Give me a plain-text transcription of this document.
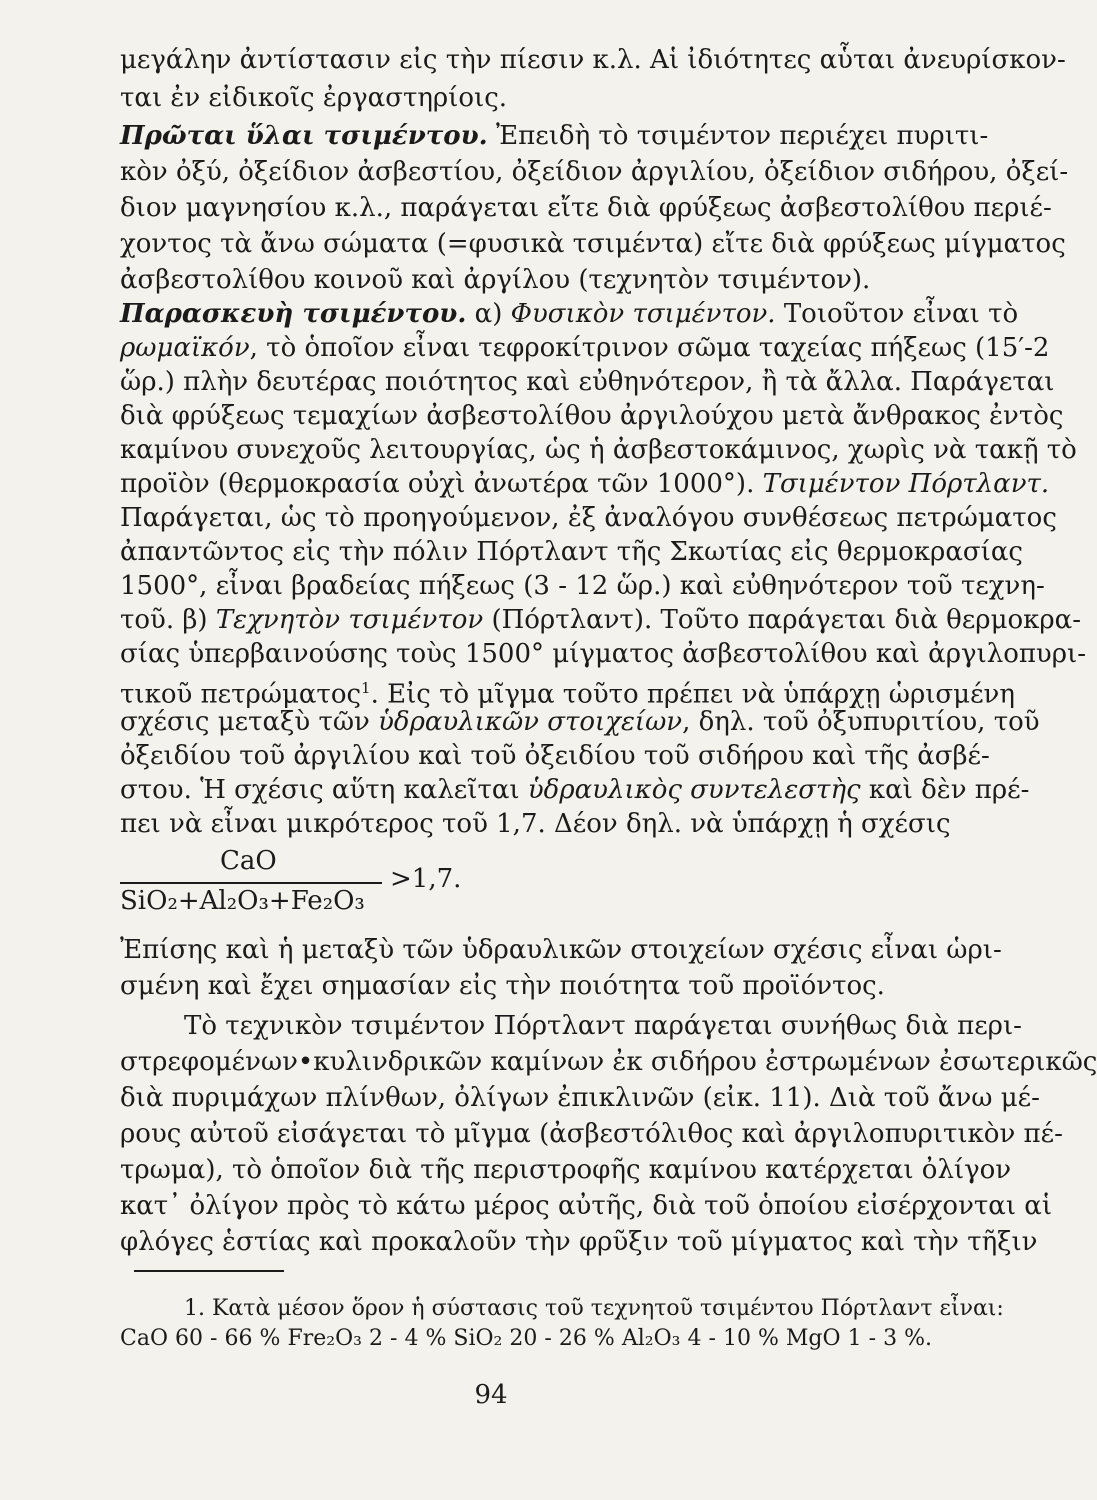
μεγάλην ἀντίστασιν εἰς τὴν πίεσιν κ.λ. Αἱ ἰδιότητες αὗται ἀνευρίσκον-
ται ἐν εἰδικοῖς ἐργαστηρίοις.
Πρῶται ὕλαι τσιμέντου. Ἐπειδὴ τὸ τσιμέντον περιέχει πυριτι-
κὸν ὀξύ, ὀξείδιον ἀσβεστίου, ὀξείδιον ἀργιλίου, ὀξείδιον σιδήρου, ὀξεί-
διον μαγνησίου κ.λ., παράγεται εἴτε διὰ φρύξεως ἀσβεστολίθου περιέ-
χοντος τὰ ἄνω σώματα (=φυσικὰ τσιμέντα) εἴτε διὰ φρύξεως μίγματος
ἀσβεστολίθου κοινοῦ καὶ ἀργίλου (τεχνητὸν τσιμέντον).
Παρασκευὴ τσιμέντου. α) Φυσικὸν τσιμέντον. Τοιοῦτον εἶναι τὸ
ρωμαϊκόν, τὸ ὁποῖον εἶναι τεφροκίτρινον σῶμα ταχείας πήξεως (15′-2
ὥρ.) πλὴν δευτέρας ποιότητος καὶ εὐθηνότερον, ἢ τὰ ἄλλα. Παράγεται
διὰ φρύξεως τεμαχίων ἀσβεστολίθου ἀργιλούχου μετὰ ἄνθρακος ἐντὸς
καμίνου συνεχοῦς λειτουργίας, ὡς ἡ ἀσβεστοκάμινος, χωρὶς νὰ τακῇ τὸ
προϊὸν (θερμοκρασία οὐχὶ ἀνωτέρα τῶν 1000°). Τσιμέντον Πόρτλαντ.
Παράγεται, ὡς τὸ προηγούμενον, ἐξ ἀναλόγου συνθέσεως πετρώματος
ἀπαντῶντος εἰς τὴν πόλιν Πόρτλαντ τῆς Σκωτίας εἰς θερμοκρασίας
1500°, εἶναι βραδείας πήξεως (3 - 12 ὥρ.) καὶ εὐθηνότερον τοῦ τεχνη-
τοῦ. β) Τεχνητὸν τσιμέντον (Πόρτλαντ). Τοῦτο παράγεται διὰ θερμοκρα-
σίας ὑπερβαινούσης τοὺς 1500° μίγματος ἀσβεστολίθου καὶ ἀργιλοπυρι-
τικοῦ πετρώματος$^1$. Εἰς τὸ μῖγμα τοῦτο πρέπει νὰ ὑπάρχῃ ὡρισμένη
σχέσις μεταξὺ τῶν ὑδραυλικῶν στοιχείων, δηλ. τοῦ ὀξυπυριτίου, τοῦ
ὀξειδίου τοῦ ἀργιλίου καὶ τοῦ ὀξειδίου τοῦ σιδήρου καὶ τῆς ἀσβέ-
στου. Ἡ σχέσις αὕτη καλεῖται ὑδραυλικὸς συντελεστὴς καὶ δὲν πρέ-
πει νὰ εἶναι μικρότερος τοῦ 1,7. Δέον δηλ. νὰ ὑπάρχῃ ἡ σχέσις
CaO
SiO₂+Al₂O₃+Fe₂O₃
>1,7.
Ἐπίσης καὶ ἡ μεταξὺ τῶν ὑδραυλικῶν στοιχείων σχέσις εἶναι ὡρι-
σμένη καὶ ἔχει σημασίαν εἰς τὴν ποιότητα τοῦ προϊόντος.
Τὸ τεχνικὸν τσιμέντον Πόρτλαντ παράγεται συνήθως διὰ περι-
στρεφομένων•κυλινδρικῶν καμίνων ἐκ σιδήρου ἐστρωμένων ἐσωτερικῶς
διὰ πυριμάχων πλίνθων, ὀλίγων ἐπικλινῶν (εἰκ. 11). Διὰ τοῦ ἄνω μέ-
ρους αὐτοῦ εἰσάγεται τὸ μῖγμα (ἀσβεστόλιθος καὶ ἀργιλοπυριτικὸν πέ-
τρωμα), τὸ ὁποῖον διὰ τῆς περιστροφῆς καμίνου κατέρχεται ὀλίγον
κατ᾿ ὀλίγον πρὸς τὸ κάτω μέρος αὐτῆς, διὰ τοῦ ὁποίου εἰσέρχονται αἱ
φλόγες ἑστίας καὶ προκαλοῦν τὴν φρῦξιν τοῦ μίγματος καὶ τὴν τῆξιν
1. Κατὰ μέσον ὅρον ἡ σύστασις τοῦ τεχνητοῦ τσιμέντου Πόρτλαντ εἶναι:
CaO 60 - 66 % Fre₂O₃ 2 - 4 % SiO₂ 20 - 26 % Al₂O₃ 4 - 10 % MgO 1 - 3 %.
94
